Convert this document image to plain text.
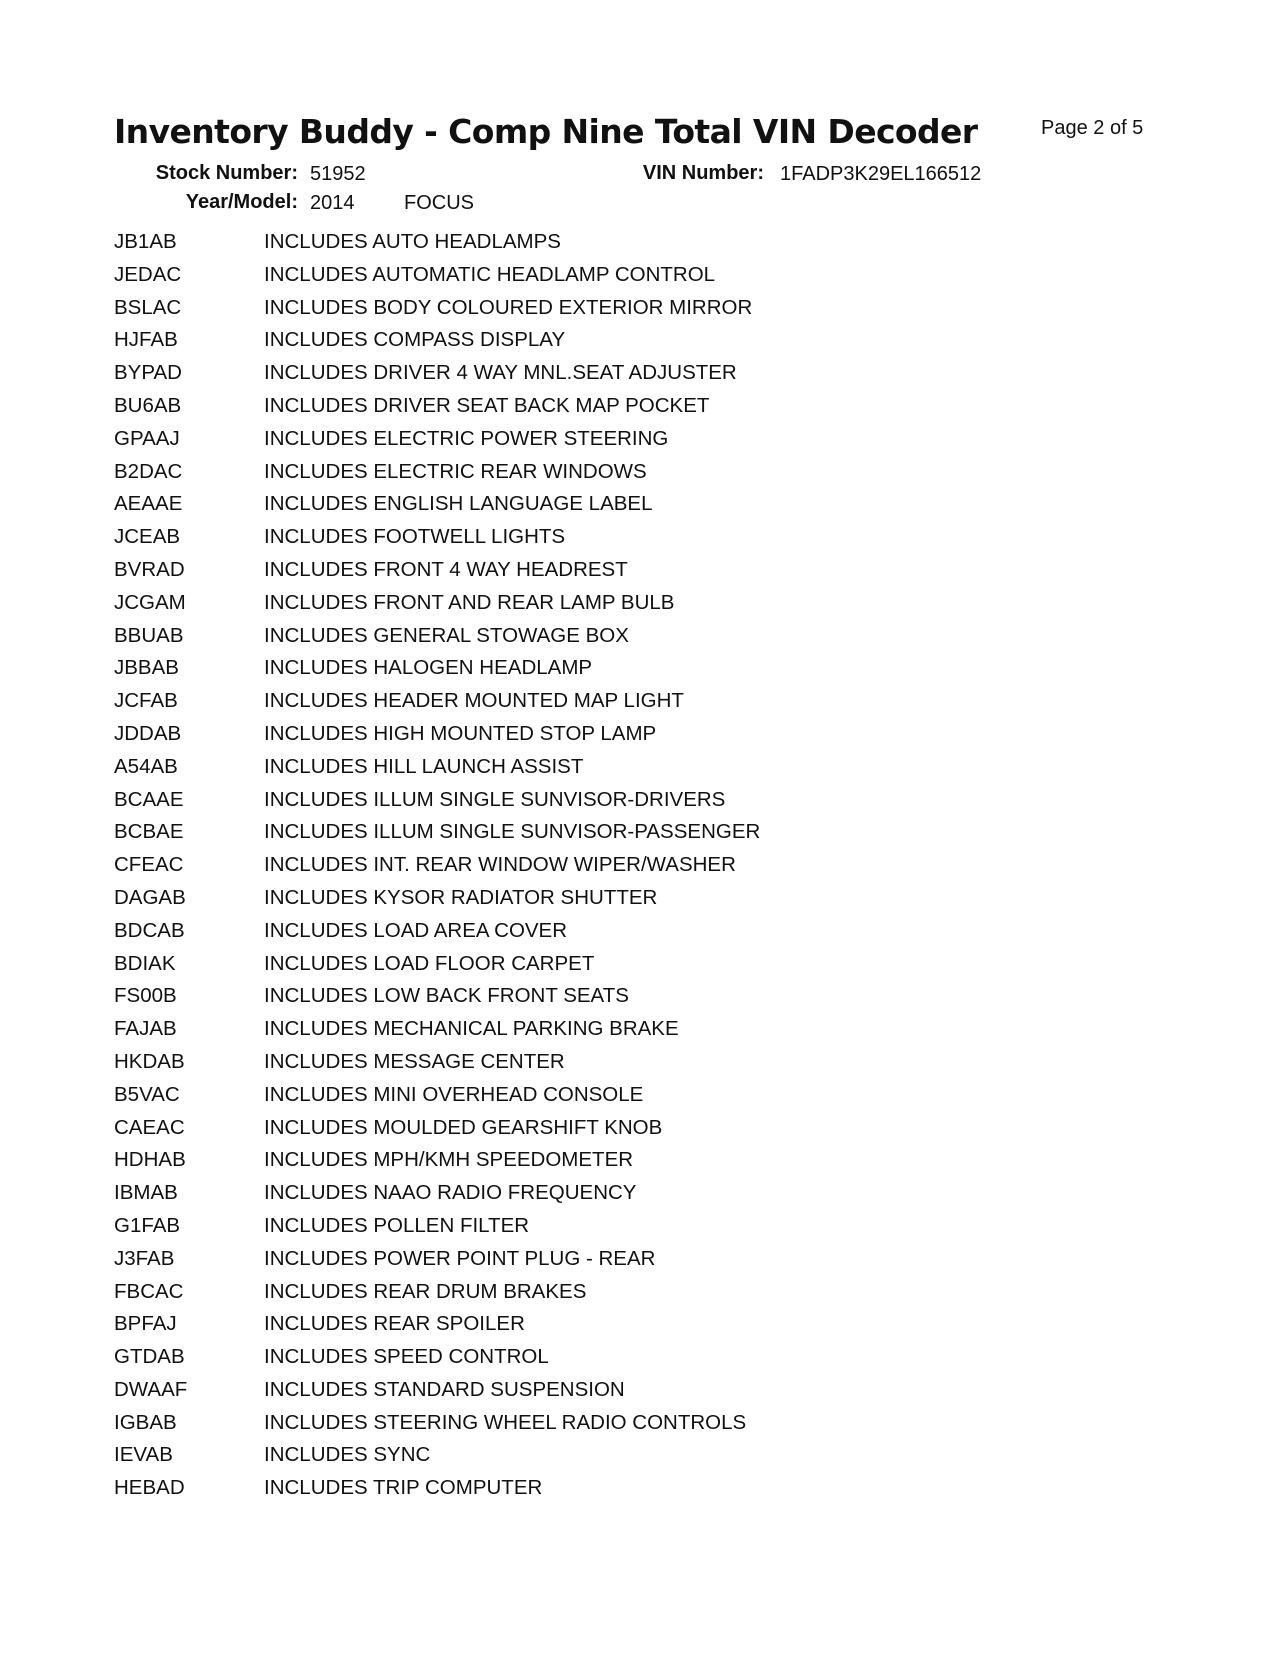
Inventory Buddy - Comp Nine Total VIN Decoder	Page 2 of 5
Stock Number: 51952	VIN Number: 1FADP3K29EL166512
Year/Model: 2014 FOCUS
JB1AB	INCLUDES AUTO HEADLAMPS
JEDAC	INCLUDES AUTOMATIC HEADLAMP CONTROL
BSLAC	INCLUDES BODY COLOURED EXTERIOR MIRROR
HJFAB	INCLUDES COMPASS DISPLAY
BYPAD	INCLUDES DRIVER 4 WAY MNL.SEAT ADJUSTER
BU6AB	INCLUDES DRIVER SEAT BACK MAP POCKET
GPAAJ	INCLUDES ELECTRIC POWER STEERING
B2DAC	INCLUDES ELECTRIC REAR WINDOWS
AEAAE	INCLUDES ENGLISH LANGUAGE LABEL
JCEAB	INCLUDES FOOTWELL LIGHTS
BVRAD	INCLUDES FRONT 4 WAY HEADREST
JCGAM	INCLUDES FRONT AND REAR LAMP BULB
BBUAB	INCLUDES GENERAL STOWAGE BOX
JBBAB	INCLUDES HALOGEN HEADLAMP
JCFAB	INCLUDES HEADER MOUNTED MAP LIGHT
JDDAB	INCLUDES HIGH MOUNTED STOP LAMP
A54AB	INCLUDES HILL LAUNCH ASSIST
BCAAE	INCLUDES ILLUM SINGLE SUNVISOR-DRIVERS
BCBAE	INCLUDES ILLUM SINGLE SUNVISOR-PASSENGER
CFEAC	INCLUDES INT. REAR WINDOW WIPER/WASHER
DAGAB	INCLUDES KYSOR RADIATOR SHUTTER
BDCAB	INCLUDES LOAD AREA COVER
BDIAK	INCLUDES LOAD FLOOR CARPET
FS00B	INCLUDES LOW BACK FRONT SEATS
FAJAB	INCLUDES MECHANICAL PARKING BRAKE
HKDAB	INCLUDES MESSAGE CENTER
B5VAC	INCLUDES MINI OVERHEAD CONSOLE
CAEAC	INCLUDES MOULDED GEARSHIFT KNOB
HDHAB	INCLUDES MPH/KMH SPEEDOMETER
IBMAB	INCLUDES NAAO RADIO FREQUENCY
G1FAB	INCLUDES POLLEN FILTER
J3FAB	INCLUDES POWER POINT PLUG - REAR
FBCAC	INCLUDES REAR DRUM BRAKES
BPFAJ	INCLUDES REAR SPOILER
GTDAB	INCLUDES SPEED CONTROL
DWAAF	INCLUDES STANDARD SUSPENSION
IGBAB	INCLUDES STEERING WHEEL RADIO CONTROLS
IEVAB	INCLUDES SYNC
HEBAD	INCLUDES TRIP COMPUTER
